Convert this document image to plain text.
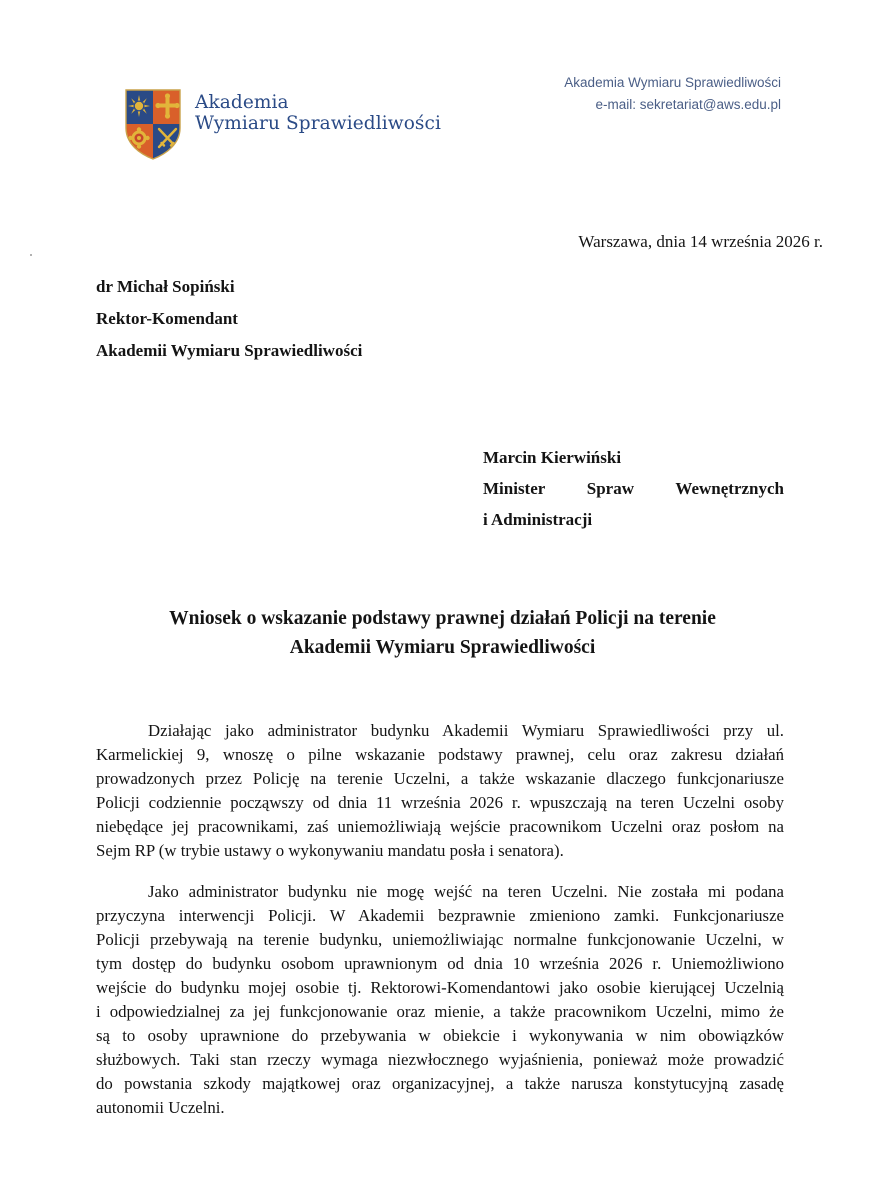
Akademia
Wymiaru Sprawiedliwości
Akademia Wymiaru Sprawiedliwości
e-mail: sekretariat@aws.edu.pl
Warszawa, dnia 14 września 2026 r.
dr Michał Sopiński
Rektor-Komendant
Akademii Wymiaru Sprawiedliwości
Marcin Kierwiński
Minister Spraw Wewnętrznych
i Administracji
Wniosek o wskazanie podstawy prawnej działań Policji na terenie
Akademii Wymiaru Sprawiedliwości

Działając jako administrator budynku Akademii Wymiaru Sprawiedliwości przy ul.
Karmelickiej 9, wnoszę o pilne wskazanie podstawy prawnej, celu oraz zakresu działań
prowadzonych przez Policję na terenie Uczelni, a także wskazanie dlaczego funkcjonariusze
Policji codziennie począwszy od dnia 11 września 2026 r. wpuszczają na teren Uczelni osoby
niebędące jej pracownikami, zaś uniemożliwiają wejście pracownikom Uczelni oraz posłom na
Sejm RP (w trybie ustawy o wykonywaniu mandatu posła i senatora).

Jako administrator budynku nie mogę wejść na teren Uczelni. Nie została mi podana
przyczyna interwencji Policji. W Akademii bezprawnie zmieniono zamki. Funkcjonariusze
Policji przebywają na terenie budynku, uniemożliwiając normalne funkcjonowanie Uczelni, w
tym dostęp do budynku osobom uprawnionym od dnia 10 września 2026 r. Uniemożliwiono
wejście do budynku mojej osobie tj. Rektorowi-Komendantowi jako osobie kierującej Uczelnią
i odpowiedzialnej za jej funkcjonowanie oraz mienie, a także pracownikom Uczelni, mimo że
są to osoby uprawnione do przebywania w obiekcie i wykonywania w nim obowiązków
służbowych. Taki stan rzeczy wymaga niezwłocznego wyjaśnienia, ponieważ może prowadzić
do powstania szkody majątkowej oraz organizacyjnej, a także narusza konstytucyjną zasadę
autonomii Uczelni.
